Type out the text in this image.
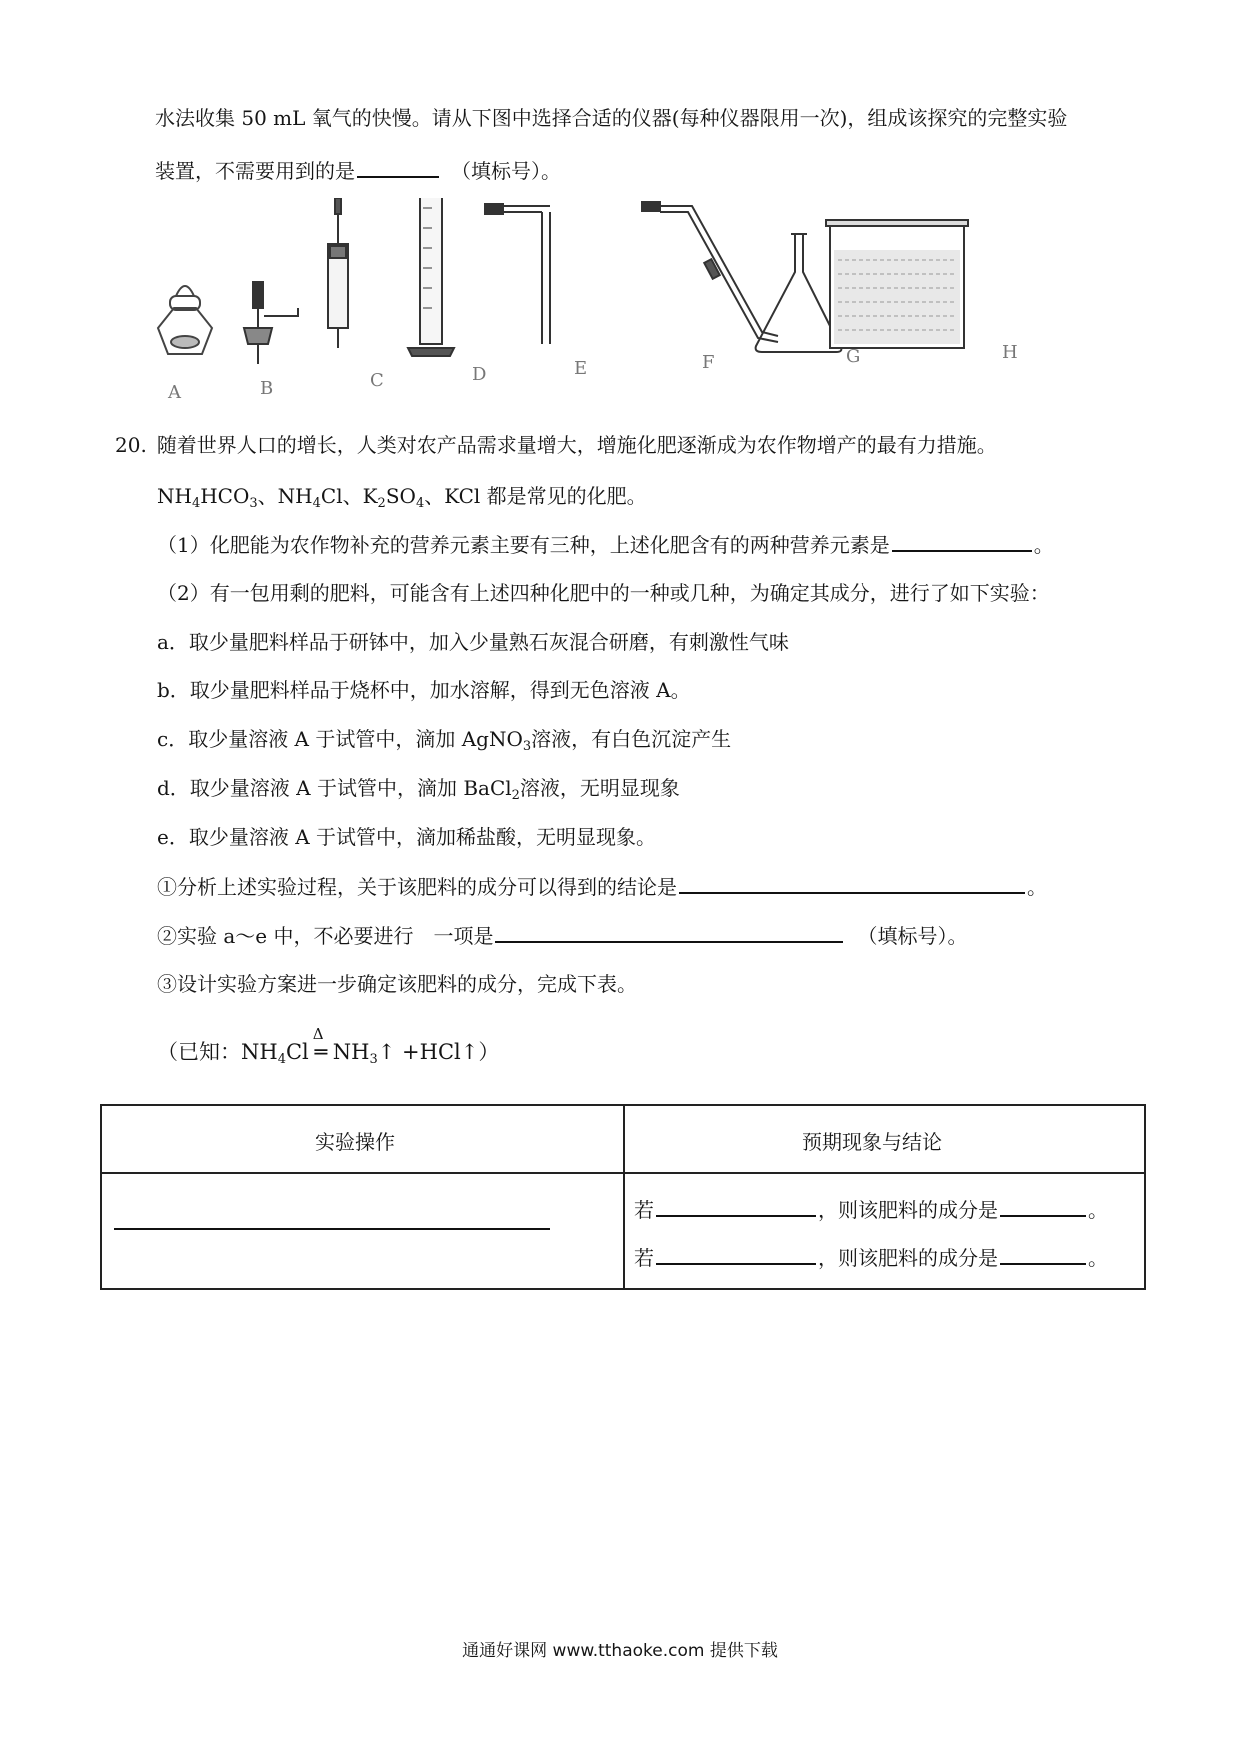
水法收集 50 mL 氧气的快慢。请从下图中选择合适的仪器(每种仪器限用一次)，组成该探究的完整实验
装置，不需要用到的是	（填标号）。
A	B	C	D	E	F	G	H
20. 随着世界人口的增长，人类对农产品需求量增大，增施化肥逐渐成为农作物增产的最有力措施。
$NH_4HCO_3$、$NH_4Cl$、$K_2SO_4$、KCl 都是常见的化肥。
（1）化肥能为农作物补充的营养元素主要有三种，上述化肥含有的两种营养元素是	。
（2）有一包用剩的肥料，可能含有上述四种化肥中的一种或几种，为确定其成分，进行了如下实验：
a．取少量肥料样品于研钵中，加入少量熟石灰混合研磨，有刺激性气味
b．取少量肥料样品于烧杯中，加水溶解，得到无色溶液 A。
c．取少量溶液 A 于试管中，滴加 AgNO$_3$溶液，有白色沉淀产生
d．取少量溶液 A 于试管中，滴加 BaCl$_2$溶液，无明显现象
e．取少量溶液 A 于试管中，滴加稀盐酸，无明显现象。
①分析上述实验过程，关于该肥料的成分可以得到的结论是	。
②实验 a～e 中，不必要进行　一项是	（填标号）。
③设计实验方案进一步确定该肥料的成分，完成下表。
（已知：$NH_4Cl$
Δ
═ $NH_3↑$ +HCl↑）
实验操作	预期现象与结论
若	，则该肥料的成分是	。
若	，则该肥料的成分是	。
通通好课网 www.tthaoke.com 提供下载
